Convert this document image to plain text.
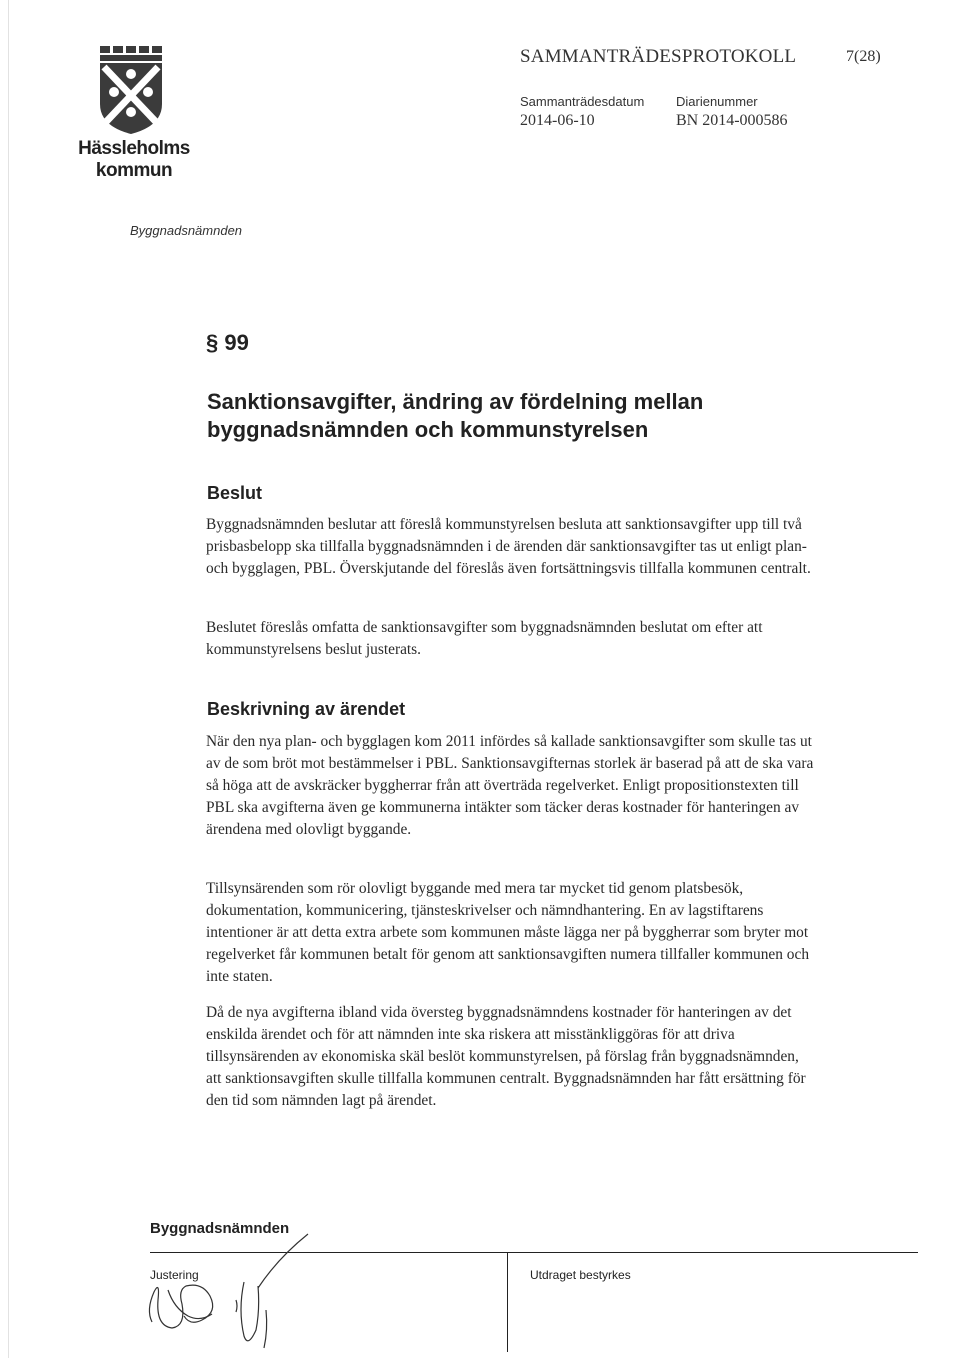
Hässleholms kommun
SAMMANTRÄDESPROTOKOLL	7(28)
Sammanträdesdatum
2014-06-10
Diarienummer
BN 2014-000586
Byggnadsnämnden
§ 99
Sanktionsavgifter, ändring av fördelning mellan byggnadsnämnden och kommunstyrelsen
Beslut
Byggnadsnämnden beslutar att föreslå kommunstyrelsen besluta att sanktionsavgifter upp till två prisbasbelopp ska tillfalla byggnadsnämnden i de ärenden där sanktionsavgifter tas ut enligt plan- och bygglagen, PBL. Överskjutande del föreslås även fortsättningsvis tillfalla kommunen centralt.
Beslutet föreslås omfatta de sanktionsavgifter som byggnadsnämnden beslutat om efter att kommunstyrelsens beslut justerats.
Beskrivning av ärendet
När den nya plan- och bygglagen kom 2011 infördes så kallade sanktionsavgifter som skulle tas ut av de som bröt mot bestämmelser i PBL. Sanktionsavgifternas storlek är baserad på att de ska vara så höga att de avskräcker byggherrar från att överträda regelverket. Enligt propositionstexten till PBL ska avgifterna även ge kommunerna intäkter som täcker deras kostnader för hanteringen av ärendena med olovligt byggande.
Tillsynsärenden som rör olovligt byggande med mera tar mycket tid genom platsbesök, dokumentation, kommunicering, tjänsteskrivelser och nämndhantering. En av lagstiftarens intentioner är att detta extra arbete som kommunen måste lägga ner på byggherrar som bryter mot regelverket får kommunen betalt för genom att sanktionsavgiften numera tillfaller kommunen och inte staten.
Då de nya avgifterna ibland vida översteg byggnadsnämndens kostnader för hanteringen av det enskilda ärendet och för att nämnden inte ska riskera att misstänkliggöras för att driva tillsynsärenden av ekonomiska skäl beslöt kommunstyrelsen, på förslag från byggnadsnämnden, att sanktionsavgiften skulle tillfalla kommunen centralt. Byggnadsnämnden har fått ersättning för den tid som nämnden lagt på ärendet.
Byggnadsnämnden
Justering	Utdraget bestyrkes
